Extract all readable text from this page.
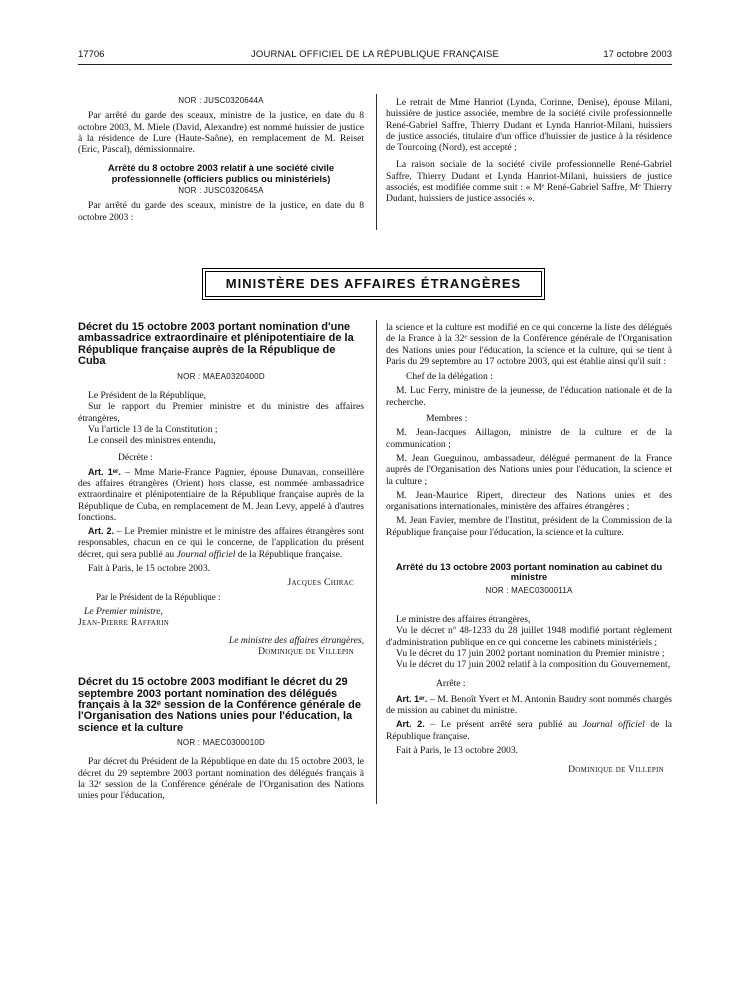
17706	JOURNAL OFFICIEL DE LA RÉPUBLIQUE FRANÇAISE	17 octobre 2003

NOR : JUSC0320644A

Par arrêté du garde des sceaux, ministre de la justice, en date du 8 octobre 2003, M. Miele (David, Alexandre) est nommé huissier de justice à la résidence de Lure (Haute-Saône), en remplacement de M. Reiset (Eric, Pascal), démissionnaire.

Arrêté du 8 octobre 2003 relatif à une société civile professionnelle (officiers publics ou ministériels)

NOR : JUSC0320645A

Par arrêté du garde des sceaux, ministre de la justice, en date du 8 octobre 2003 :

Le retrait de Mme Hanriot (Lynda, Corinne, Denise), épouse Milani, huissière de justice associée, membre de la société civile professionnelle René-Gabriel Saffre, Thierry Dudant et Lynda Hanriot-Milani, huissiers de justice associés, titulaire d'un office d'huissier de justice à la résidence de Tourcoing (Nord), est accepté ;

La raison sociale de la société civile professionnelle René-Gabriel Saffre, Thierry Dudant et Lynda Hanriot-Milani, huissiers de justice associés, est modifiée comme suit : « Mᵉ René-Gabriel Saffre, Mᵉ Thierry Dudant, huissiers de justice associés ».

MINISTÈRE DES AFFAIRES ÉTRANGÈRES

Décret du 15 octobre 2003 portant nomination d'une ambassadrice extraordinaire et plénipotentiaire de la République française auprès de la République de Cuba

NOR : MAEA0320400D

Le Président de la République,

Sur le rapport du Premier ministre et du ministre des affaires étrangères,

Vu l'article 13 de la Constitution ;

Le conseil des ministres entendu,

Décrète :

Art. 1ᵉʳ. – Mme Marie-France Pagnier, épouse Dunavan, conseillère des affaires étrangères (Orient) hors classe, est nommée ambassadrice extraordinaire et plénipotentiaire de la République française auprès de la République de Cuba, en remplacement de M. Jean Levy, appelé à d'autres fonctions.

Art. 2. – Le Premier ministre et le ministre des affaires étrangères sont responsables, chacun en ce qui le concerne, de l'application du présent décret, qui sera publié au Journal officiel de la République française.

Fait à Paris, le 15 octobre 2003.

Jacques Chirac

Par le Président de la République :

Le Premier ministre,

Jean-Pierre Raffarin

Le ministre des affaires étrangères,

Dominique de Villepin

Décret du 15 octobre 2003 modifiant le décret du 29 septembre 2003 portant nomination des délégués français à la 32ᵉ session de la Conférence générale de l'Organisation des Nations unies pour l'éducation, la science et la culture

NOR : MAEC0300010D

Par décret du Président de la République en date du 15 octobre 2003, le décret du 29 septembre 2003 portant nomination des délégués français à la 32ᵉ session de la Conférence générale de l'Organisation des Nations unies pour l'éducation,

la science et la culture est modifié en ce qui concerne la liste des délégués de la France à la 32ᵉ session de la Conférence générale de l'Organisation des Nations unies pour l'éducation, la science et la culture, qui se tient à Paris du 29 septembre au 17 octobre 2003, qui est établie ainsi qu'il suit :

Chef de la délégation :

M. Luc Ferry, ministre de la jeunesse, de l'éducation nationale et de la recherche.

Membres :

M. Jean-Jacques Aillagon, ministre de la culture et de la communication ;

M. Jean Gueguinou, ambassadeur, délégué permanent de la France auprès de l'Organisation des Nations unies pour l'éducation, la science et la culture ;

M. Jean-Maurice Ripert, directeur des Nations unies et des organisations internationales, ministère des affaires étrangères ;

M. Jean Favier, membre de l'Institut, président de la Commission de la République française pour l'éducation, la science et la culture.

Arrêté du 13 octobre 2003 portant nomination au cabinet du ministre

NOR : MAEC0300011A

Le ministre des affaires étrangères,

Vu le décret nº 48-1233 du 28 juillet 1948 modifié portant règlement d'administration publique en ce qui concerne les cabinets ministériels ;

Vu le décret du 17 juin 2002 portant nomination du Premier ministre ;

Vu le décret du 17 juin 2002 relatif à la composition du Gouvernement,

Arrête :

Art. 1ᵉʳ. – M. Benoît Yvert et M. Antonin Baudry sont nommés chargés de mission au cabinet du ministre.

Art. 2. – Le présent arrêté sera publié au Journal officiel de la République française.

Fait à Paris, le 13 octobre 2003.

Dominique de Villepin
